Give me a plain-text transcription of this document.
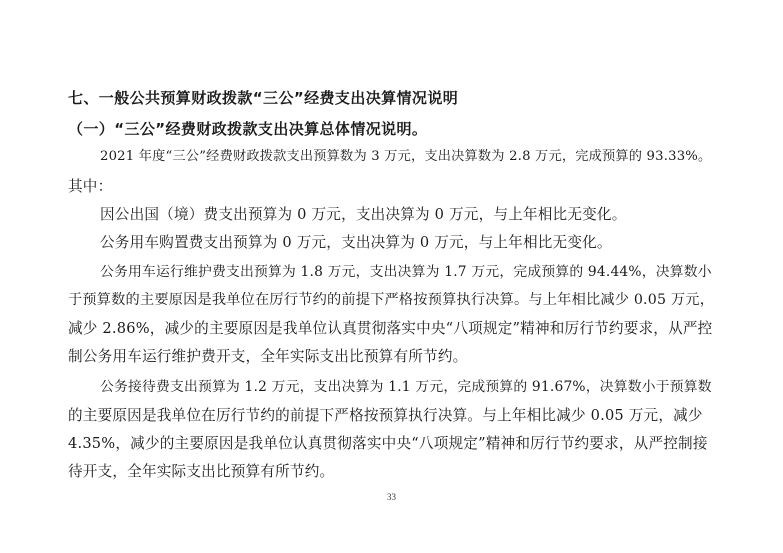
七、一般公共预算财政拨款“三公”经费支出决算情况说明
（一）“三公”经费财政拨款支出决算总体情况说明。
2021 年度“三公”经费财政拨款支出预算数为 3 万元，支出决算数为 2.8 万元，完成预算的 93.33%。
其中：
因公出国（境）费支出预算为 0 万元，支出决算为 0 万元，与上年相比无变化。
公务用车购置费支出预算为 0 万元，支出决算为 0 万元，与上年相比无变化。
公务用车运行维护费支出预算为 1.8 万元，支出决算为 1.7 万元，完成预算的 94.44%，决算数小
于预算数的主要原因是我单位在厉行节约的前提下严格按预算执行决算。与上年相比减少 0.05 万元，
减少 2.86%，减少的主要原因是我单位认真贯彻落实中央“八项规定”精神和厉行节约要求，从严控
制公务用车运行维护费开支，全年实际支出比预算有所节约。
公务接待费支出预算为 1.2 万元，支出决算为 1.1 万元，完成预算的 91.67%，决算数小于预算数
的主要原因是我单位在厉行节约的前提下严格按预算执行决算。与上年相比减少 0.05 万元，减少
4.35%，减少的主要原因是我单位认真贯彻落实中央“八项规定”精神和厉行节约要求，从严控制接
待开支，全年实际支出比预算有所节约。
33
